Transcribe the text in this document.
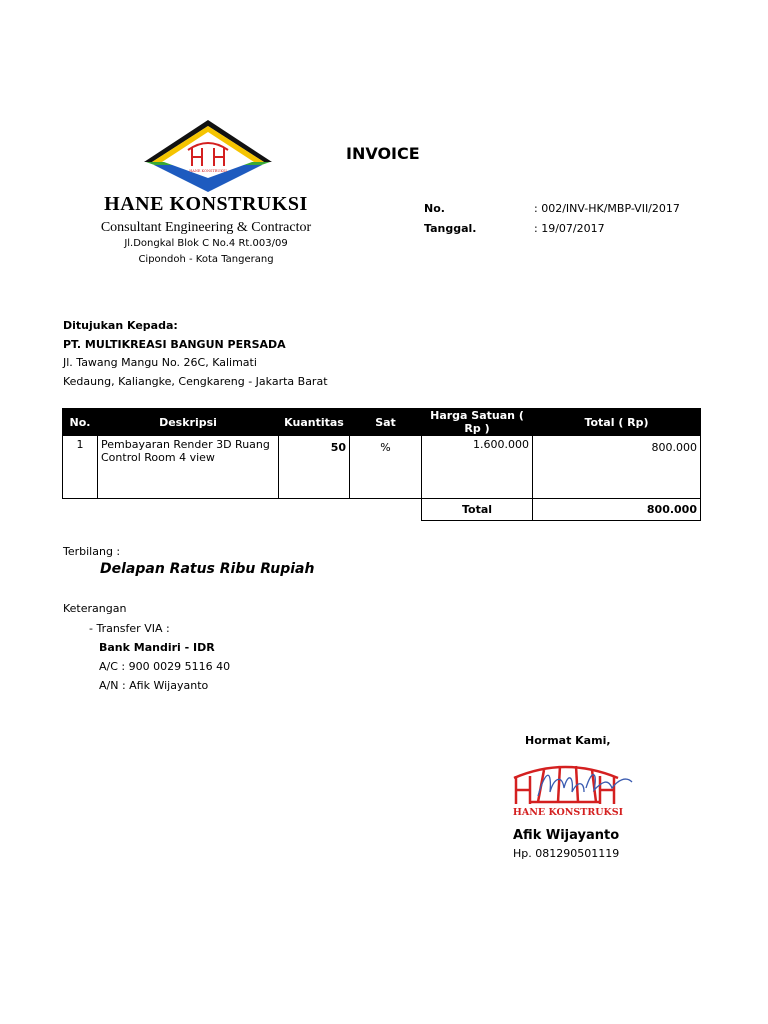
HANE KONSTRUKSI
HANE KONSTRUKSI
Consultant Engineering & Contractor
Jl.Dongkal Blok C No.4 Rt.003/09
Cipondoh - Kota Tangerang
INVOICE
No.	: 002/INV-HK/MBP-VII/2017
Tanggal.	: 19/07/2017
Ditujukan Kepada:
PT. MULTIKREASI BANGUN PERSADA
Jl. Tawang Mangu No. 26C, Kalimati
Kedaung, Kaliangke, Cengkareng - Jakarta Barat
No.	Deskripsi	Kuantitas	Sat	Harga Satuan ( Rp )	Total ( Rp)
1	Pembayaran Render 3D Ruang Control Room 4 view	50	%	1.600.000	800.000
				Total	800.000
Terbilang :
Delapan Ratus Ribu Rupiah
Keterangan
- Transfer VIA :
Bank Mandiri - IDR
A/C : 900 0029 5116 40
A/N : Afik Wijayanto
Hormat Kami,
HANE KONSTRUKSI
Afik Wijayanto
Hp. 081290501119
